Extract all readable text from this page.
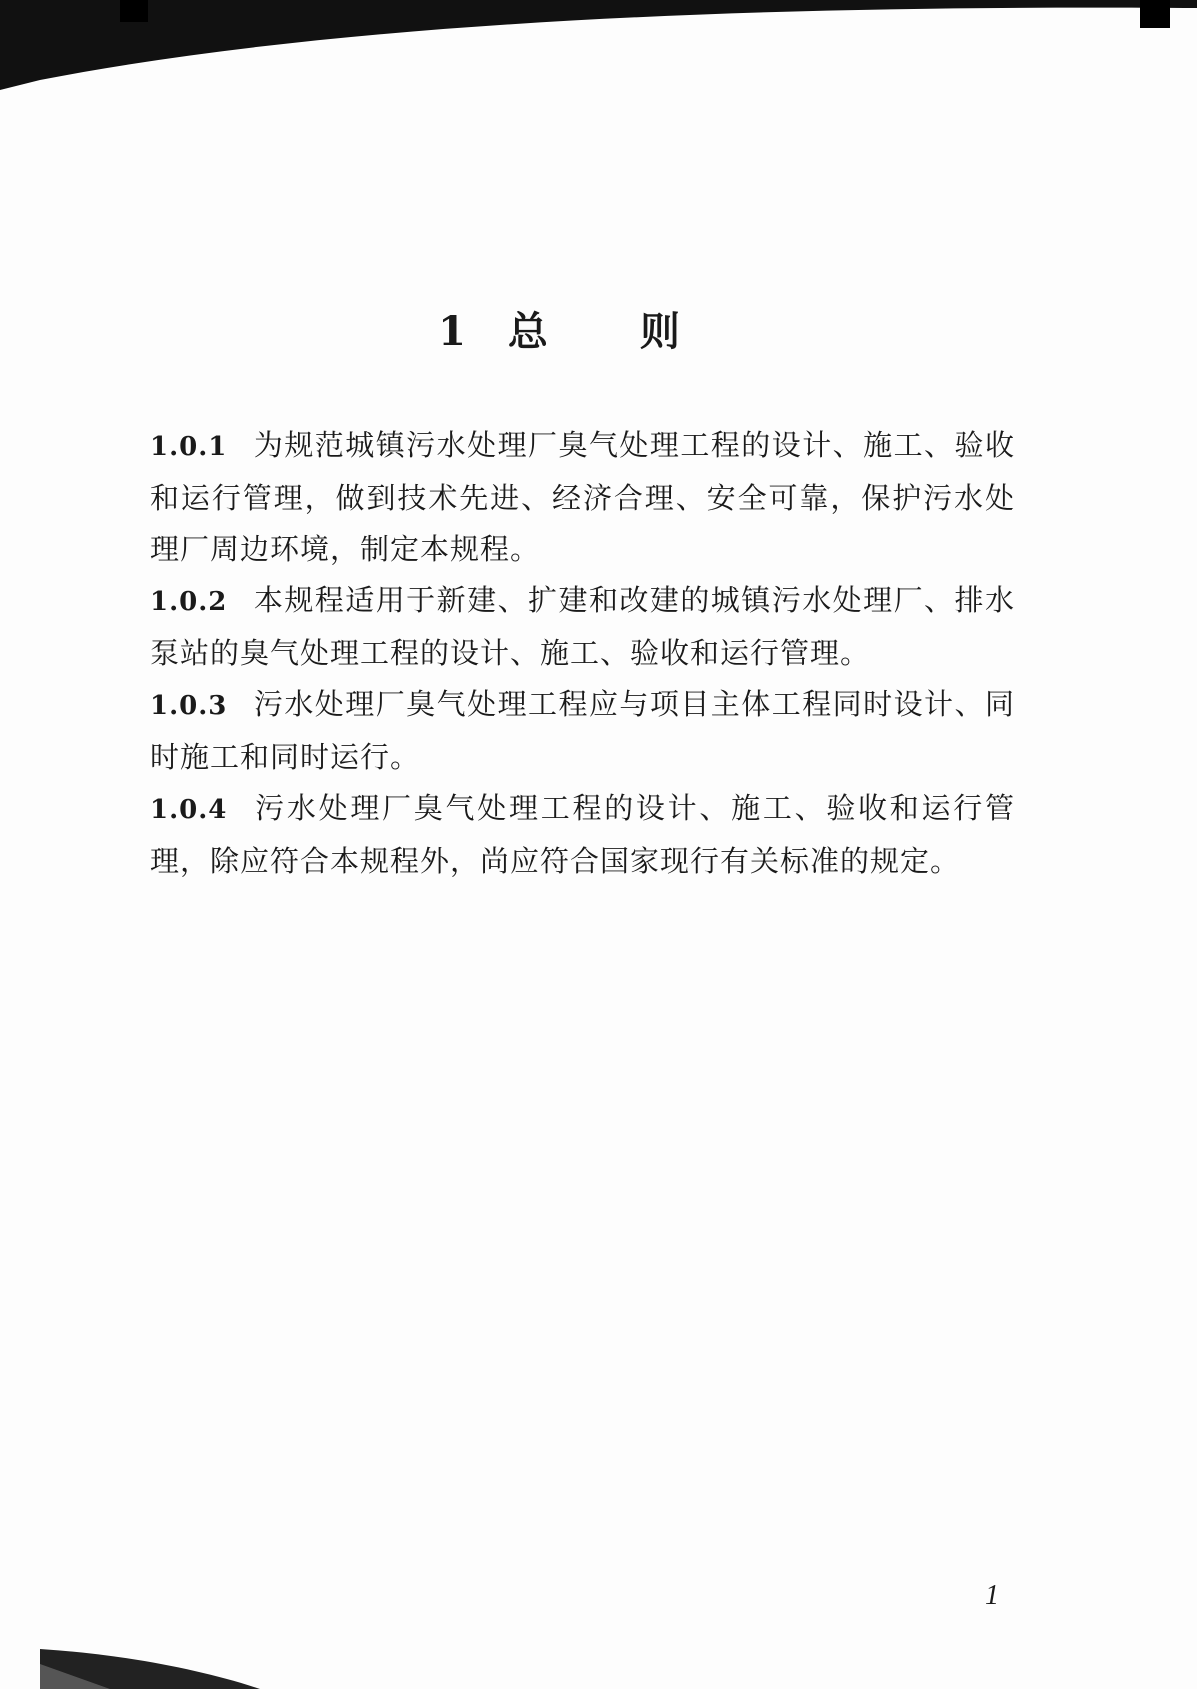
1 总 则

1.0.1 为规范城镇污水处理厂臭气处理工程的设计、施工、验收和运行管理，做到技术先进、经济合理、安全可靠，保护污水处理厂周边环境，制定本规程。

1.0.2 本规程适用于新建、扩建和改建的城镇污水处理厂、排水泵站的臭气处理工程的设计、施工、验收和运行管理。

1.0.3 污水处理厂臭气处理工程应与项目主体工程同时设计、同时施工和同时运行。

1.0.4 污水处理厂臭气处理工程的设计、施工、验收和运行管理，除应符合本规程外，尚应符合国家现行有关标准的规定。

1
